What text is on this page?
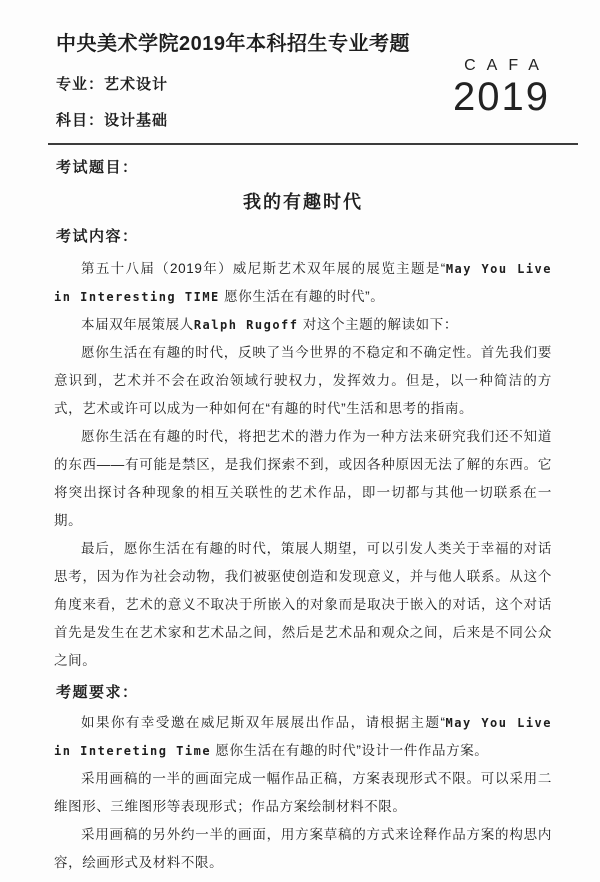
中央美术学院2019年本科招生专业考题
专业：艺术设计
科目：设计基础
CAFA
2019
考试题目：
我的有趣时代
考试内容：

第五十八届（2019年）威尼斯艺术双年展的展览主题是“May You Live in Interesting TIME 愿你生活在有趣的时代”。

本届双年展策展人Ralph Rugoff 对这个主题的解读如下：

愿你生活在有趣的时代，反映了当今世界的不稳定和不确定性。首先我们要意识到，艺术并不会在政治领域行驶权力，发挥效力。但是，以一种简洁的方式，艺术或许可以成为一种如何在“有趣的时代”生活和思考的指南。

愿你生活在有趣的时代，将把艺术的潜力作为一种方法来研究我们还不知道的东西——有可能是禁区，是我们探索不到，或因各种原因无法了解的东西。它将突出探讨各种现象的相互关联性的艺术作品，即一切都与其他一切联系在一期。

最后，愿你生活在有趣的时代，策展人期望，可以引发人类关于幸福的对话思考，因为作为社会动物，我们被驱使创造和发现意义，并与他人联系。从这个角度来看，艺术的意义不取决于所嵌入的对象而是取决于嵌入的对话，这个对话首先是发生在艺术家和艺术品之间，然后是艺术品和观众之间，后来是不同公众之间。

考题要求：

如果你有幸受邀在威尼斯双年展展出作品，请根据主题“May You Live in Intereting Time 愿你生活在有趣的时代”设计一件作品方案。

采用画稿的一半的画面完成一幅作品正稿，方案表现形式不限。可以采用二维图形、三维图形等表现形式；作品方案绘制材料不限。

采用画稿的另外约一半的画面，用方案草稿的方式来诠释作品方案的构思内容，绘画形式及材料不限。
